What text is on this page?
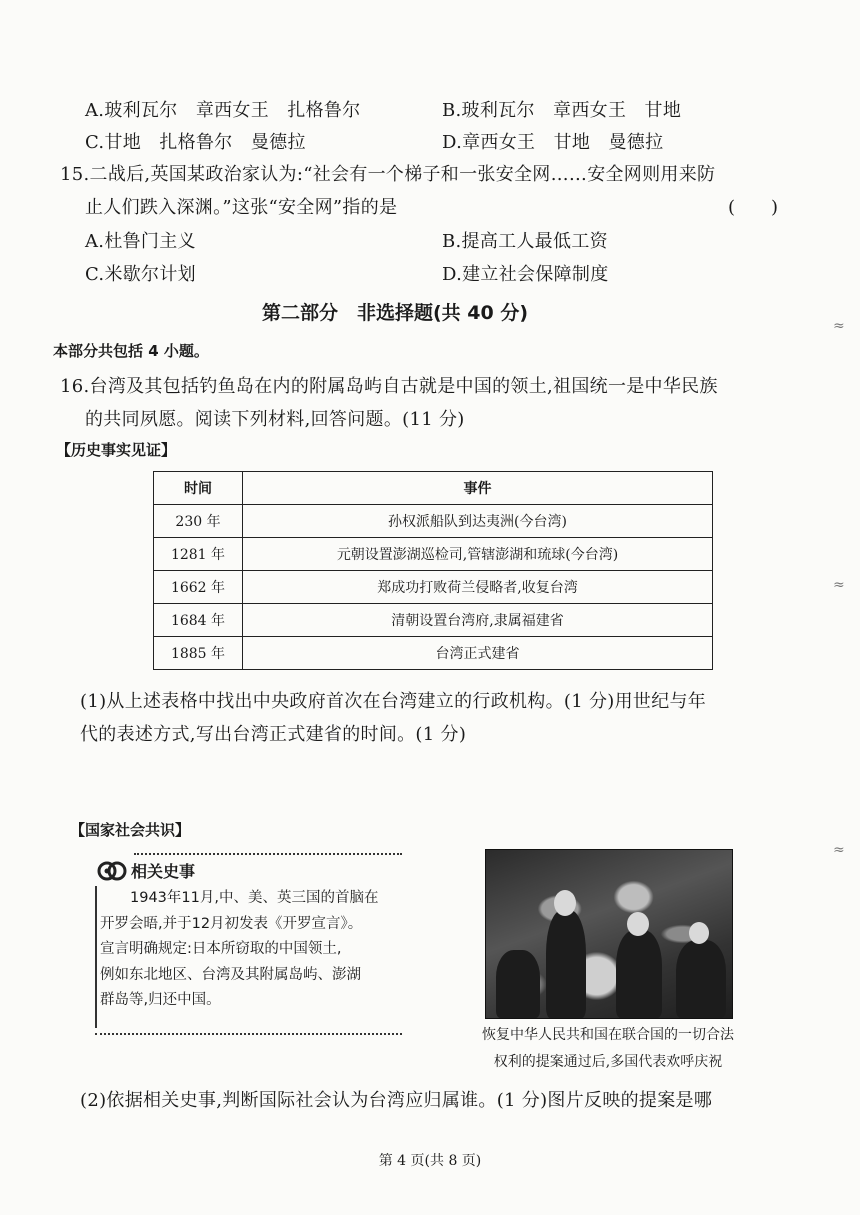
A.玻利瓦尔　章西女王　扎格鲁尔	B.玻利瓦尔　章西女王　甘地
C.甘地　扎格鲁尔　曼德拉	D.章西女王　甘地　曼德拉
15.二战后,英国某政治家认为:“社会有一个梯子和一张安全网……安全网则用来防
止人们跌入深渊。”这张“安全网”指的是	(　　)
A.杜鲁门主义	B.提高工人最低工资
C.米歇尔计划	D.建立社会保障制度
第二部分　非选择题(共 40 分)
本部分共包括 4 小题。
16.台湾及其包括钓鱼岛在内的附属岛屿自古就是中国的领土,祖国统一是中华民族
的共同夙愿。阅读下列材料,回答问题。(11 分)
【历史事实见证】
时间	事件
230 年	孙权派船队到达夷洲(今台湾)
1281 年	元朝设置澎湖巡检司,管辖澎湖和琉球(今台湾)
1662 年	郑成功打败荷兰侵略者,收复台湾
1684 年	清朝设置台湾府,隶属福建省
1885 年	台湾正式建省
(1)从上述表格中找出中央政府首次在台湾建立的行政机构。(1 分)用世纪与年
代的表述方式,写出台湾正式建省的时间。(1 分)
【国家社会共识】
相关史事
1943年11月,中、美、英三国的首脑在
开罗会晤,并于12月初发表《开罗宣言》。
宣言明确规定:日本所窃取的中国领土,
例如东北地区、台湾及其附属岛屿、澎湖
群岛等,归还中国。
恢复中华人民共和国在联合国的一切合法
权利的提案通过后,多国代表欢呼庆祝
(2)依据相关史事,判断国际社会认为台湾应归属谁。(1 分)图片反映的提案是哪
第 4 页(共 8 页)
≈
≈
≈
